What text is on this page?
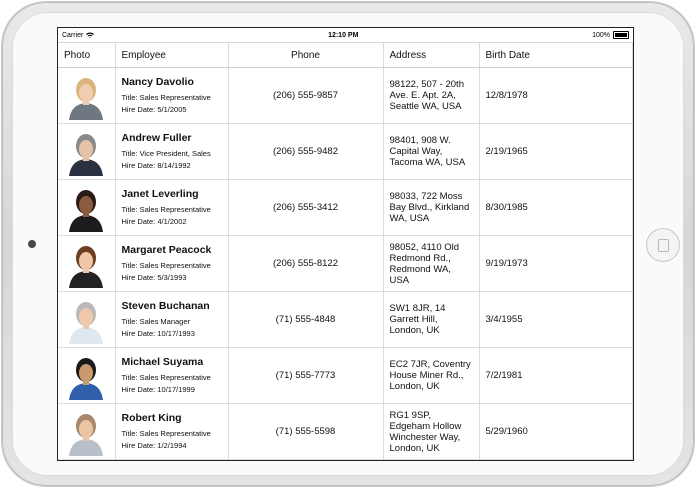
Carrier	12:10 PM	100%
Photo	Employee	Phone	Address	Birth Date

Nancy Davolio
Title: Sales Representative
Hire Date: 5/1/2005	(206) 555-9857	98122, 507 - 20th Ave. E. Apt. 2A, Seattle WA, USA	12/8/1978

Andrew Fuller
Title: Vice President, Sales
Hire Date: 8/14/1992	(206) 555-9482	98401, 908 W. Capital Way, Tacoma WA, USA	2/19/1965

Janet Leverling
Title: Sales Representative
Hire Date: 4/1/2002	(206) 555-3412	98033, 722 Moss Bay Blvd., Kirkland WA, USA	8/30/1985

Margaret Peacock
Title: Sales Representative
Hire Date: 5/3/1993	(206) 555-8122	98052, 4110 Old Redmond Rd., Redmond WA, USA	9/19/1973

Steven Buchanan
Title: Sales Manager
Hire Date: 10/17/1993	(71) 555-4848	SW1 8JR, 14 Garrett Hill, London, UK	3/4/1955

Michael Suyama
Title: Sales Representative
Hire Date: 10/17/1999	(71) 555-7773	EC2 7JR, Coventry House Miner Rd., London, UK	7/2/1981

Robert King
Title: Sales Representative
Hire Date: 1/2/1994	(71) 555-5598	RG1 9SP, Edgeham Hollow Winchester Way, London, UK	5/29/1960
